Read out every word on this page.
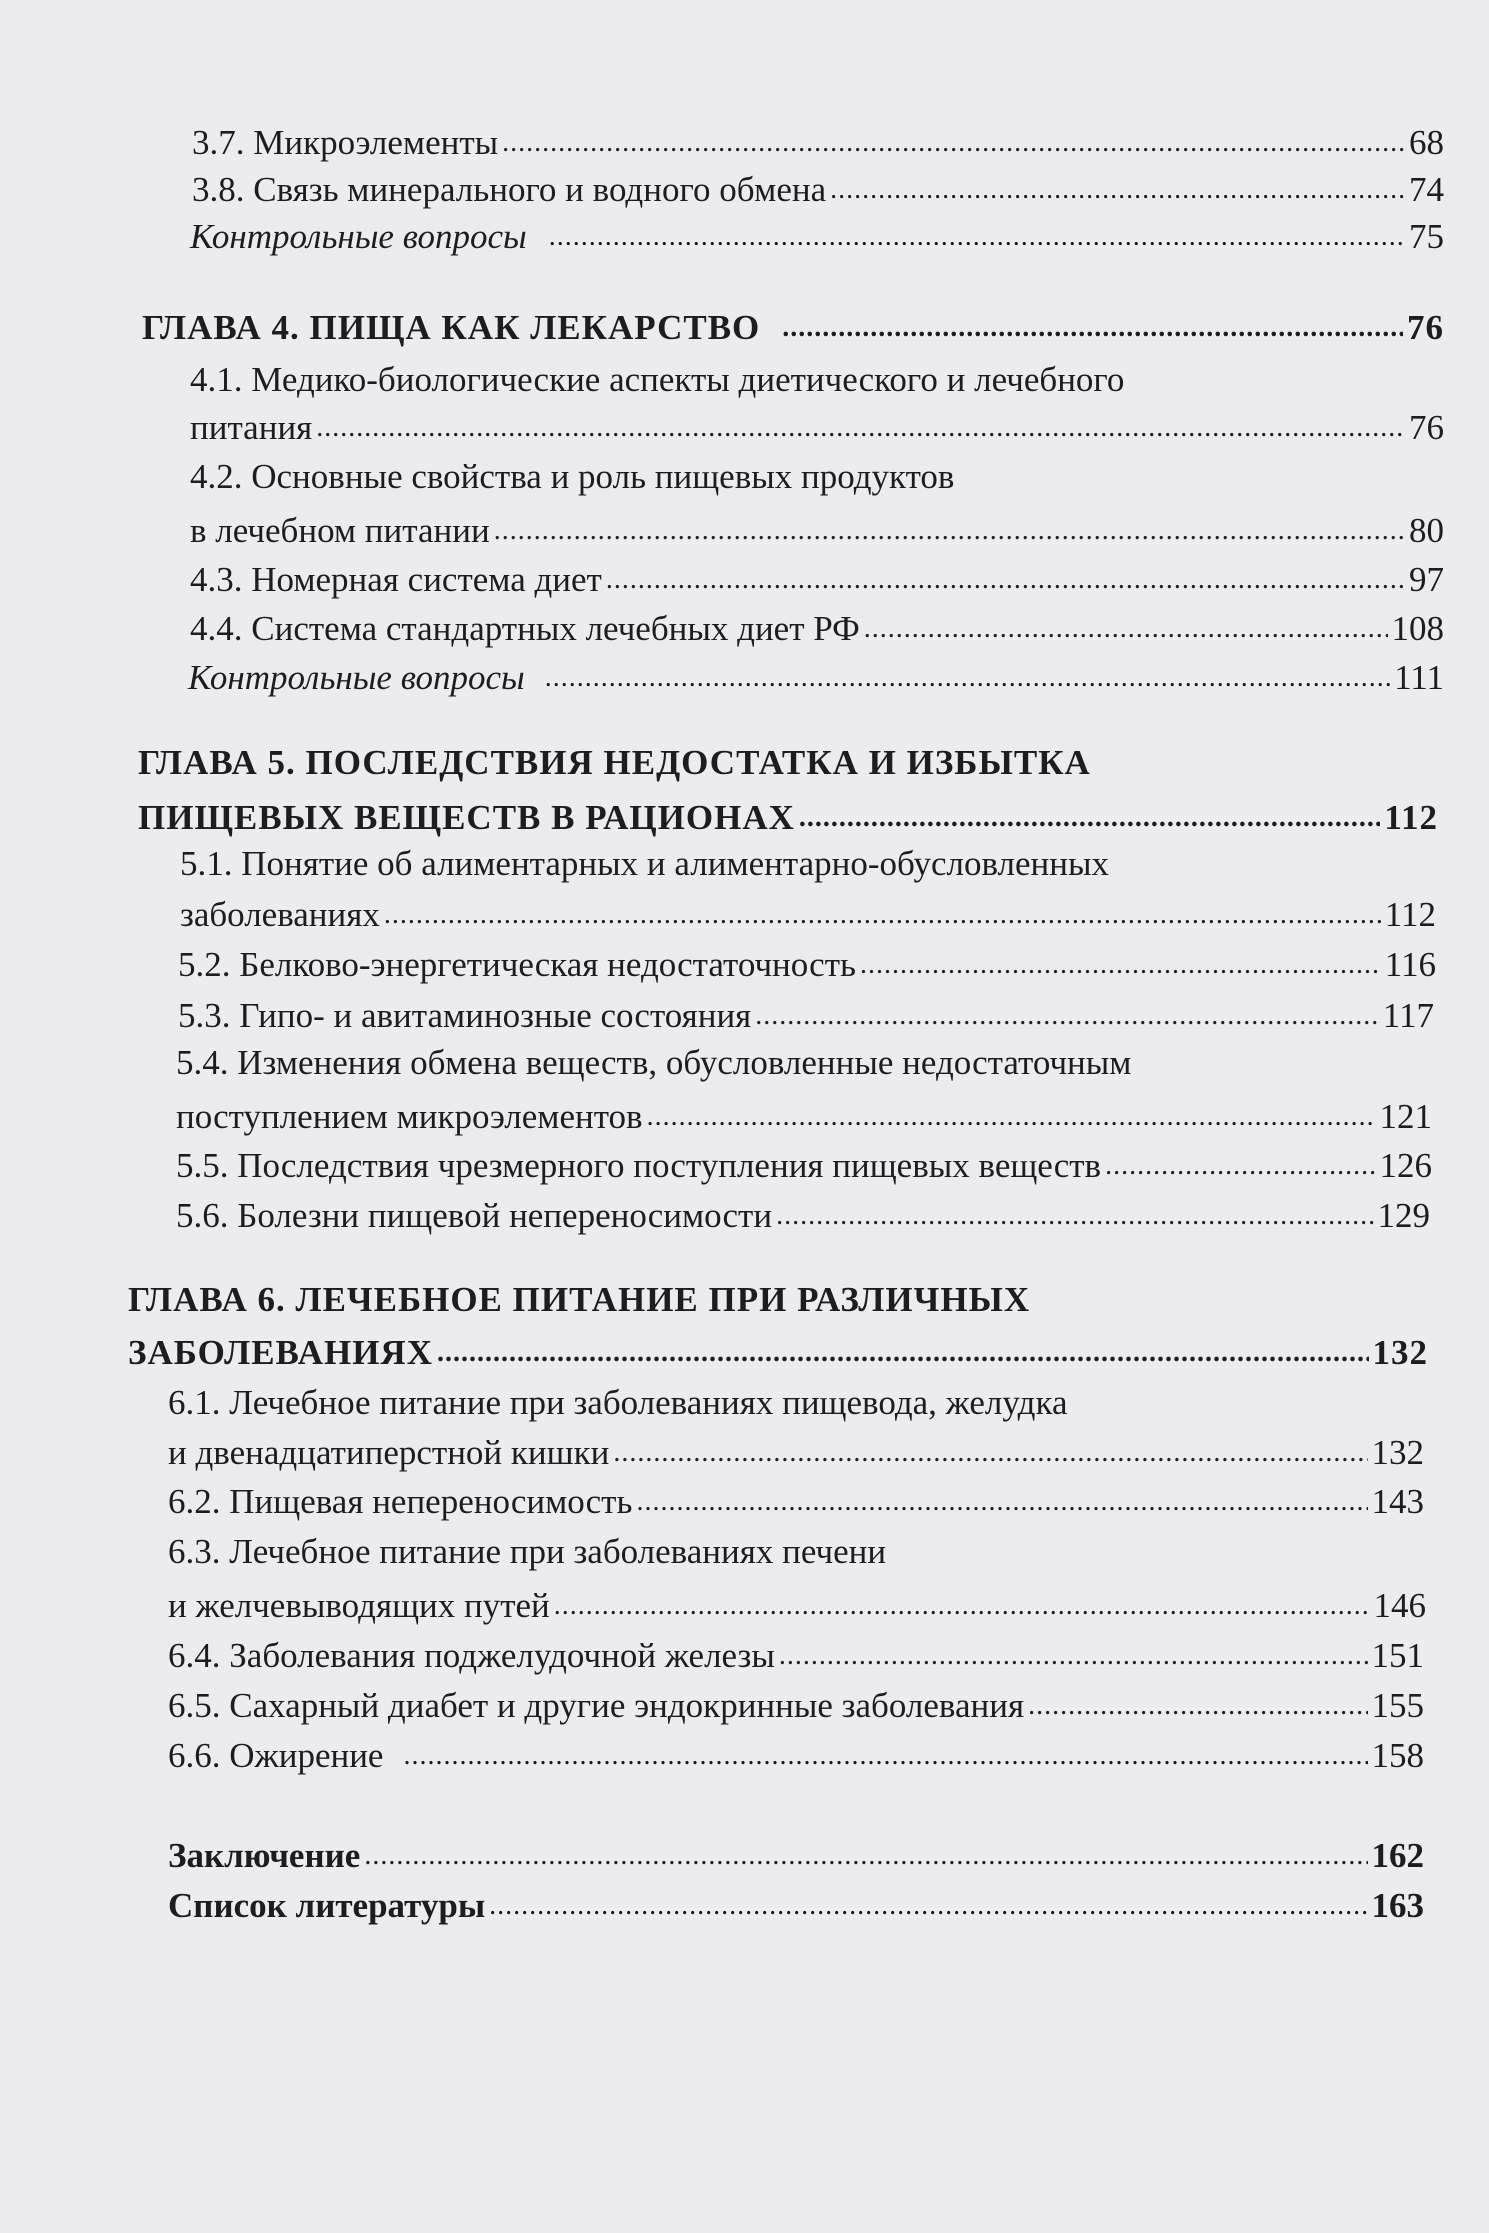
3.7. Микроэлементы .....	68
3.8. Связь минерального и водного обмена .....	74
Контрольные вопросы .....	75
ГЛАВА 4. ПИЩА КАК ЛЕКАРСТВО .....	76
4.1. Медико-биологические аспекты диетического и лечебного
питания .....	76
4.2. Основные свойства и роль пищевых продуктов
в лечебном питании .....	80
4.3. Номерная система диет .....	97
4.4. Система стандартных лечебных диет РФ .....	108
Контрольные вопросы .....	111
ГЛАВА 5. ПОСЛЕДСТВИЯ НЕДОСТАТКА И ИЗБЫТКА
ПИЩЕВЫХ ВЕЩЕСТВ В РАЦИОНАХ .....	112
5.1. Понятие об алиментарных и алиментарно-обусловленных
заболеваниях .....	112
5.2. Белково-энергетическая недостаточность .....	116
5.3. Гипо- и авитаминозные состояния .....	117
5.4. Изменения обмена веществ, обусловленные недостаточным
поступлением микроэлементов .....	121
5.5. Последствия чрезмерного поступления пищевых веществ .....	126
5.6. Болезни пищевой непереносимости .....	129
ГЛАВА 6. ЛЕЧЕБНОЕ ПИТАНИЕ ПРИ РАЗЛИЧНЫХ
ЗАБОЛЕВАНИЯХ .....	132
6.1. Лечебное питание при заболеваниях пищевода, желудка
и двенадцатиперстной кишки .....	132
6.2. Пищевая непереносимость .....	143
6.3. Лечебное питание при заболеваниях печени
и желчевыводящих путей .....	146
6.4. Заболевания поджелудочной железы .....	151
6.5. Сахарный диабет и другие эндокринные заболевания .....	155
6.6. Ожирение .....	158
Заключение .....	162
Список литературы .....	163
